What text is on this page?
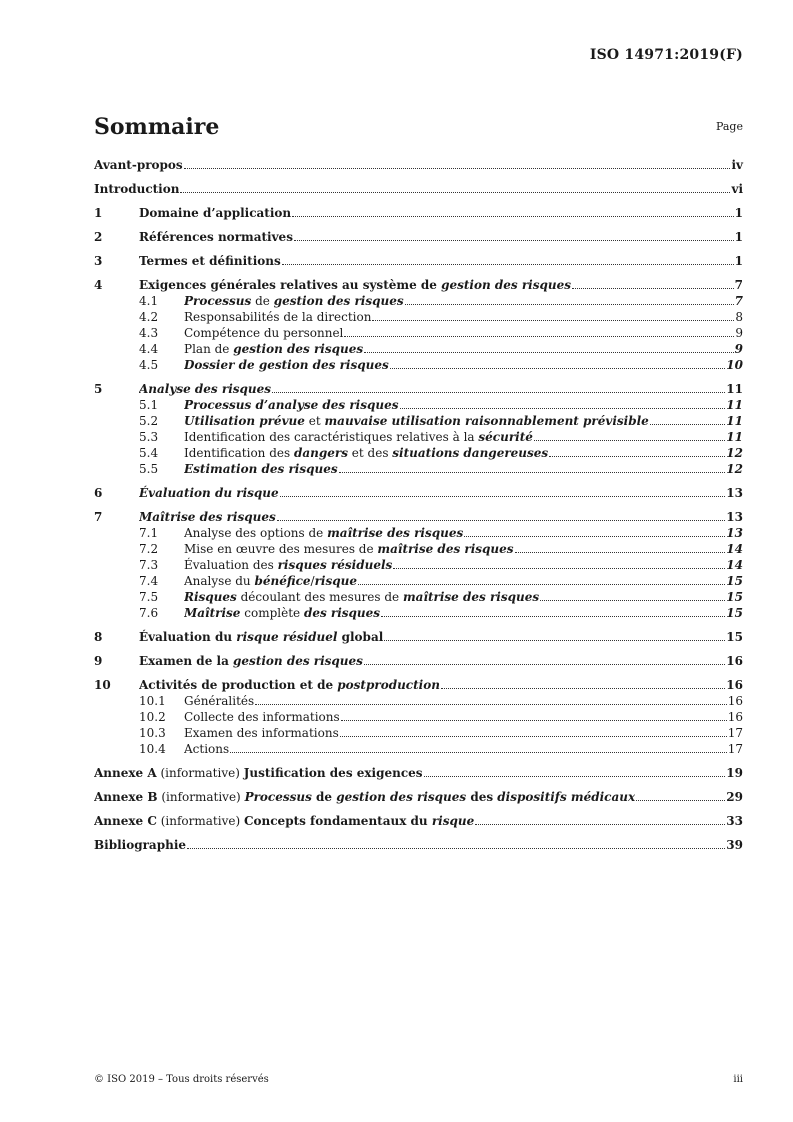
ISO 14971:2019(F)
Sommaire	Page
Avant-propos	iv
Introduction	vi
1	Domaine d’application	1
2	Références normatives	1
3	Termes et définitions	1
4	Exigences générales relatives au système de gestion des risques	7
4.1	Processus de gestion des risques	7
4.2	Responsabilités de la direction	8
4.3	Compétence du personnel	9
4.4	Plan de gestion des risques	9
4.5	Dossier de gestion des risques	10
5	Analyse des risques	11
5.1	Processus d’analyse des risques	11
5.2	Utilisation prévue et mauvaise utilisation raisonnablement prévisible	11
5.3	Identification des caractéristiques relatives à la sécurité	11
5.4	Identification des dangers et des situations dangereuses	12
5.5	Estimation des risques	12
6	Évaluation du risque	13
7	Maîtrise des risques	13
7.1	Analyse des options de maîtrise des risques	13
7.2	Mise en œuvre des mesures de maîtrise des risques	14
7.3	Évaluation des risques résiduels	14
7.4	Analyse du bénéfice/risque	15
7.5	Risques découlant des mesures de maîtrise des risques	15
7.6	Maîtrise complète des risques	15
8	Évaluation du risque résiduel global	15
9	Examen de la gestion des risques	16
10	Activités de production et de postproduction	16
10.1	Généralités	16
10.2	Collecte des informations	16
10.3	Examen des informations	17
10.4	Actions	17
Annexe A (informative) Justification des exigences	19
Annexe B (informative) Processus de gestion des risques des dispositifs médicaux	29
Annexe C (informative) Concepts fondamentaux du risque	33
Bibliographie	39
© ISO 2019 – Tous droits réservés	iii
